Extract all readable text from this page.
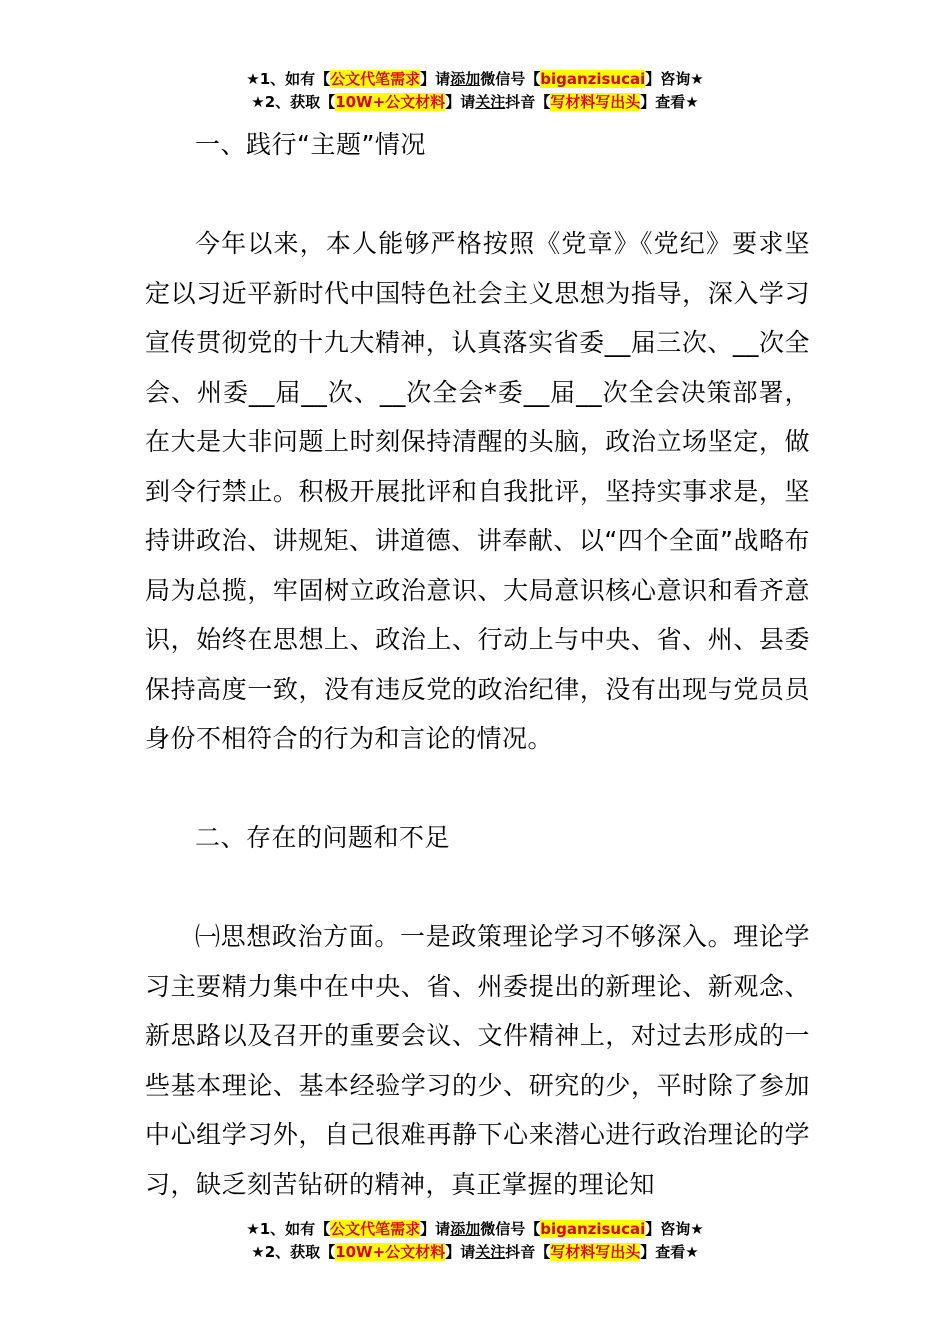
★1、如有【公文代笔需求】请添加微信号【biganzisucai】咨询★
★2、获取【10W+公文材料】请关注抖音【写材料写出头】查看★

一、践行“主题”情况

今年以来，本人能够严格按照《党章》《党纪》要求坚定以习近平新时代中国特色社会主义思想为指导，深入学习宣传贯彻党的十九大精神，认真落实省委__届三次、__次全会、州委__届__次、__次全会*委__届__次全会决策部署，在大是大非问题上时刻保持清醒的头脑，政治立场坚定，做到令行禁止。积极开展批评和自我批评，坚持实事求是，坚持讲政治、讲规矩、讲道德、讲奉献、以“四个全面”战略布局为总揽，牢固树立政治意识、大局意识核心意识和看齐意识，始终在思想上、政治上、行动上与中央、省、州、县委保持高度一致，没有违反党的政治纪律，没有出现与党员员身份不相符合的行为和言论的情况。

二、存在的问题和不足

㈠思想政治方面。一是政策理论学习不够深入。理论学习主要精力集中在中央、省、州委提出的新理论、新观念、新思路以及召开的重要会议、文件精神上，对过去形成的一些基本理论、基本经验学习的少、研究的少，平时除了参加中心组学习外，自己很难再静下心来潜心进行政治理论的学习，缺乏刻苦钻研的精神，真正掌握的理论知

★1、如有【公文代笔需求】请添加微信号【biganzisucai】咨询★
★2、获取【10W+公文材料】请关注抖音【写材料写出头】查看★
